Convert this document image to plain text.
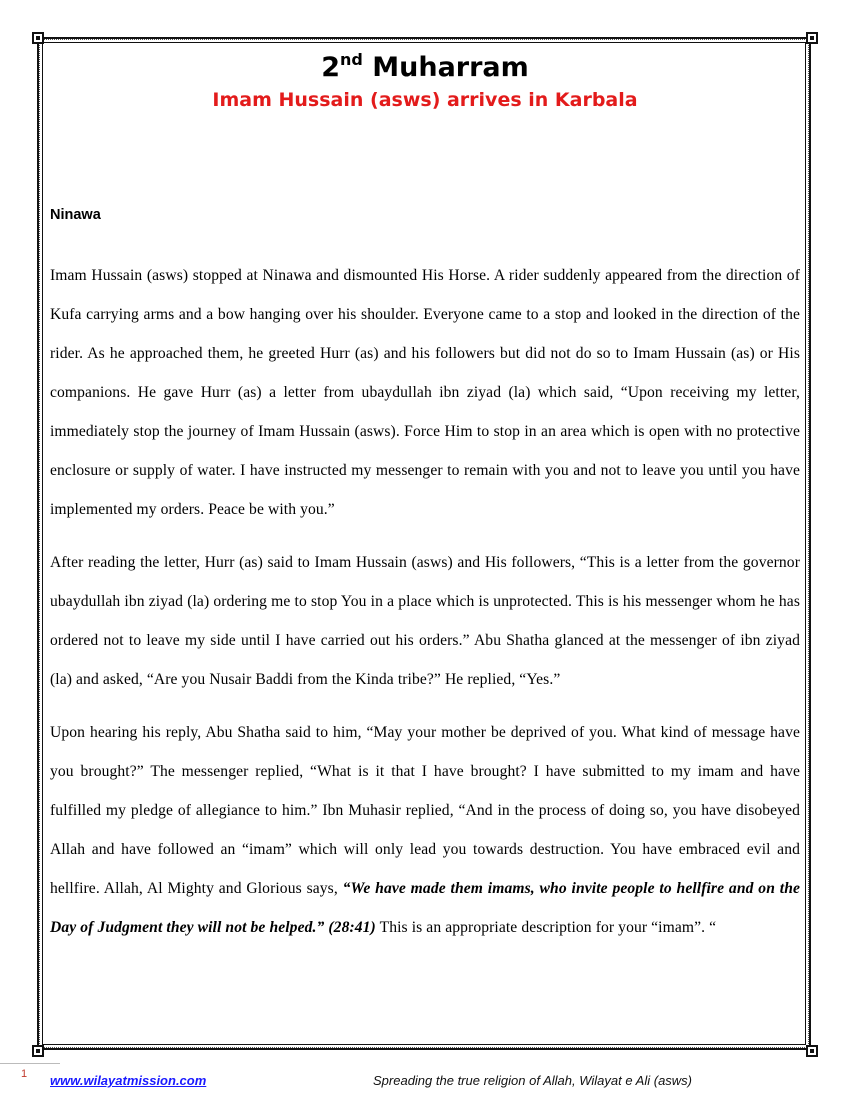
2nd Muharram
Imam Hussain (asws) arrives in Karbala
Ninawa

Imam Hussain (asws) stopped at Ninawa and dismounted His Horse. A rider suddenly appeared from the direction of Kufa carrying arms and a bow hanging over his shoulder. Everyone came to a stop and looked in the direction of the rider. As he approached them, he greeted Hurr (as) and his followers but did not do so to Imam Hussain (as) or His companions. He gave Hurr (as) a letter from ubaydullah ibn ziyad (la) which said, “Upon receiving my letter, immediately stop the journey of Imam Hussain (asws). Force Him to stop in an area which is open with no protective enclosure or supply of water. I have instructed my messenger to remain with you and not to leave you until you have implemented my orders. Peace be with you.”

After reading the letter, Hurr (as) said to Imam Hussain (asws) and His followers, “This is a letter from the governor ubaydullah ibn ziyad (la) ordering me to stop You in a place which is unprotected. This is his messenger whom he has ordered not to leave my side until I have carried out his orders.” Abu Shatha glanced at the messenger of ibn ziyad (la) and asked, “Are you Nusair Baddi from the Kinda tribe?” He replied, “Yes.”

Upon hearing his reply, Abu Shatha said to him, “May your mother be deprived of you. What kind of message have you brought?” The messenger replied, “What is it that I have brought? I have submitted to my imam and have fulfilled my pledge of allegiance to him.” Ibn Muhasir replied, “And in the process of doing so, you have disobeyed Allah and have followed an “imam” which will only lead you towards destruction. You have embraced evil and hellfire. Allah, Al Mighty and Glorious says, “We have made them imams, who invite people to hellfire and on the Day of Judgment they will not be helped.” (28:41) This is an appropriate description for your “imam”. “

1 www.wilayatmission.com	Spreading the true religion of Allah, Wilayat e Ali (asws)
